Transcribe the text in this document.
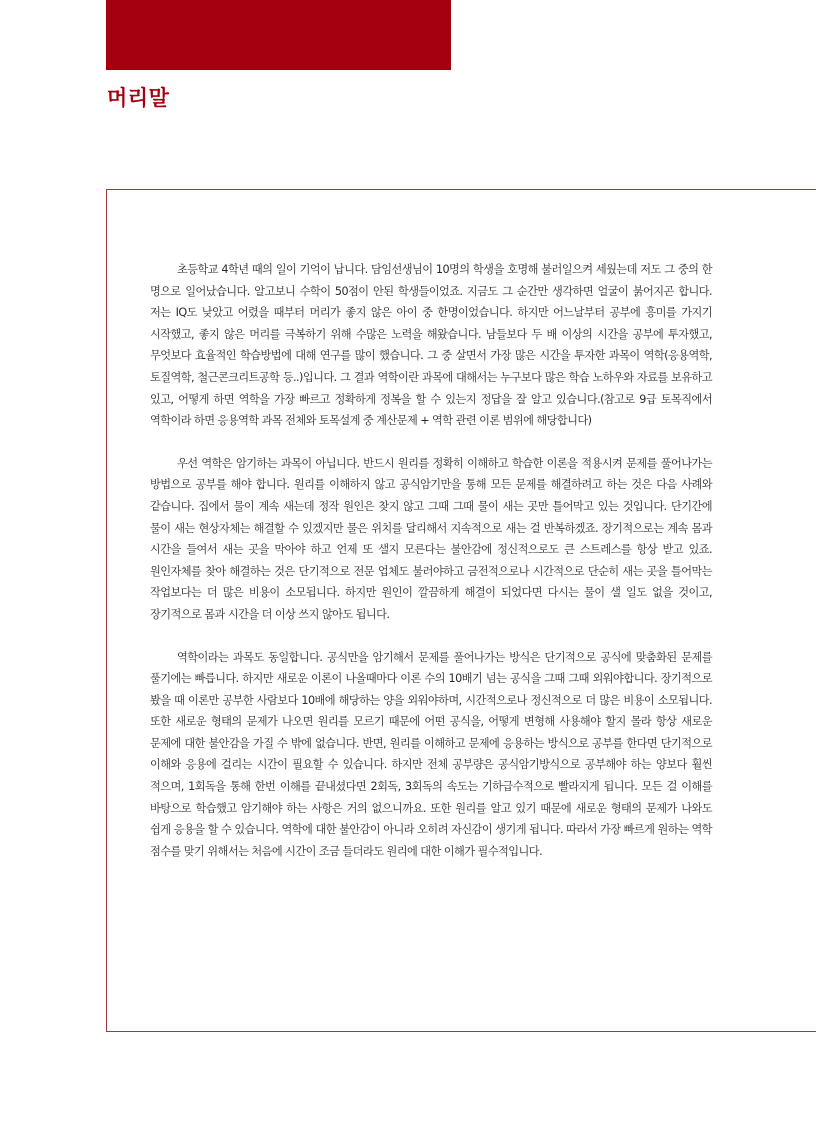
머리말

초등학교 4학년 때의 일이 기억이 납니다. 담임선생님이 10명의 학생을 호명해 불러일으켜 세웠는데 저도 그 중의 한 명으로 일어났습니다. 알고보니 수학이 50점이 안된 학생들이었죠. 지금도 그 순간만 생각하면 얼굴이 붉어지곤 합니다. 저는 IQ도 낮았고 어렸을 때부터 머리가 좋지 않은 아이 중 한명이었습니다. 하지만 어느날부터 공부에 흥미를 가지기 시작했고, 좋지 않은 머리를 극복하기 위해 수많은 노력을 해왔습니다. 남들보다 두 배 이상의 시간을 공부에 투자했고, 무엇보다 효율적인 학습방법에 대해 연구를 많이 했습니다. 그 중 살면서 가장 많은 시간을 투자한 과목이 역학(응용역학, 토질역학, 철근콘크리트공학 등..)입니다. 그 결과 역학이란 과목에 대해서는 누구보다 많은 학습 노하우와 자료를 보유하고 있고, 어떻게 하면 역학을 가장 빠르고 정확하게 정복을 할 수 있는지 정답을 잘 알고 있습니다.(참고로 9급 토목직에서 역학이라 하면 응용역학 과목 전체와 토목설계 중 계산문제 + 역학 관련 이론 범위에 해당합니다)

우선 역학은 암기하는 과목이 아닙니다. 반드시 원리를 정확히 이해하고 학습한 이론을 적용시켜 문제를 풀어나가는 방법으로 공부를 해야 합니다. 원리를 이해하지 않고 공식암기만을 통해 모든 문제를 해결하려고 하는 것은 다음 사례와 같습니다. 집에서 물이 계속 새는데 정작 원인은 찾지 않고 그때 그때 물이 새는 곳만 틀어막고 있는 것입니다. 단기간에 물이 새는 현상자체는 해결할 수 있겠지만 물은 위치를 달리해서 지속적으로 새는 걸 반복하겠죠. 장기적으로는 계속 몸과 시간을 들여서 새는 곳을 막아야 하고 언제 또 샐지 모른다는 불안감에 정신적으로도 큰 스트레스를 항상 받고 있죠. 원인자체를 찾아 해결하는 것은 단기적으로 전문 업체도 불러야하고 금전적으로나 시간적으로 단순히 새는 곳을 틀어막는 작업보다는 더 많은 비용이 소모됩니다. 하지만 원인이 깔끔하게 해결이 되었다면 다시는 물이 샐 일도 없을 것이고, 장기적으로 몸과 시간을 더 이상 쓰지 않아도 됩니다.

역학이라는 과목도 동일합니다. 공식만을 암기해서 문제를 풀어나가는 방식은 단기적으로 공식에 맞춤화된 문제를 풀기에는 빠릅니다. 하지만 새로운 이론이 나올때마다 이론 수의 10배기 넘는 공식을 그때 그때 외워야합니다. 장기적으로 봤을 때 이론만 공부한 사람보다 10배에 해당하는 양을 외워야하며, 시간적으로나 정신적으로 더 많은 비용이 소모됩니다. 또한 새로운 형태의 문제가 나오면 원리를 모르기 때문에 어떤 공식을, 어떻게 변형해 사용해야 할지 몰라 항상 새로운 문제에 대한 불안감을 가질 수 밖에 없습니다. 반면, 원리를 이해하고 문제에 응용하는 방식으로 공부를 한다면 단기적으로 이해와 응용에 걸리는 시간이 필요할 수 있습니다. 하지만 전체 공부량은 공식암기방식으로 공부해야 하는 양보다 훨씬 적으며, 1회독을 통해 한번 이해를 끝내셨다면 2회독, 3회독의 속도는 기하급수적으로 빨라지게 됩니다. 모든 걸 이해를 바탕으로 학습했고 암기해야 하는 사항은 거의 없으니까요. 또한 원리를 알고 있기 때문에 새로운 형태의 문제가 나와도 쉽게 응용을 할 수 있습니다. 역학에 대한 불안감이 아니라 오히려 자신감이 생기게 됩니다. 따라서 가장 빠르게 원하는 역학 점수를 맞기 위해서는 처음에 시간이 조금 들더라도 원리에 대한 이해가 필수적입니다.
